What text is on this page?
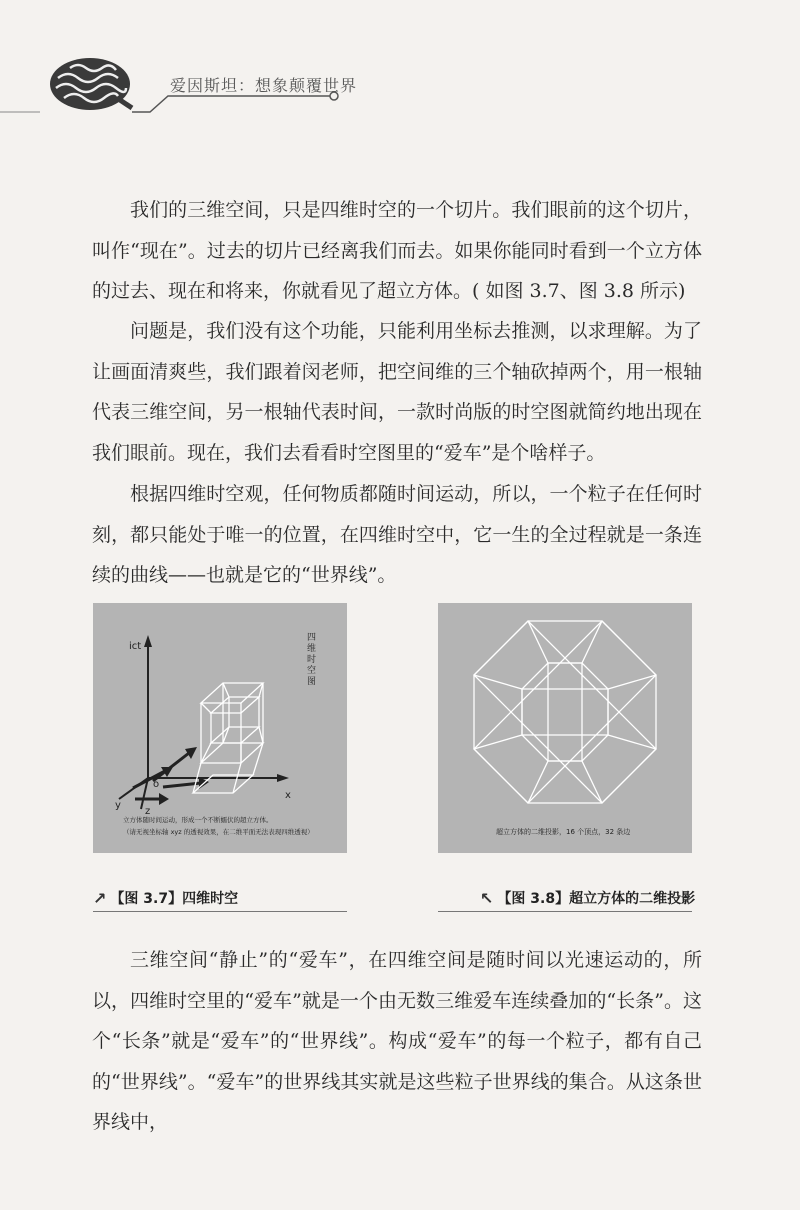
爱因斯坦：想象颠覆世界

我们的三维空间，只是四维时空的一个切片。我们眼前的这个切片，叫作“现在”。过去的切片已经离我们而去。如果你能同时看到一个立方体的过去、现在和将来，你就看见了超立方体。( 如图 3.7、图 3.8 所示)

问题是，我们没有这个功能，只能利用坐标去推测，以求理解。为了让画面清爽些，我们跟着闵老师，把空间维的三个轴砍掉两个，用一根轴代表三维空间，另一根轴代表时间，一款时尚版的时空图就简约地出现在我们眼前。现在，我们去看看时空图里的“爱车”是个啥样子。

根据四维时空观，任何物质都随时间运动，所以，一个粒子在任何时刻，都只能处于唯一的位置，在四维时空中，它一生的全过程就是一条连续的曲线——也就是它的“世界线”。

ict
x
y
z
o
四维时空图
立方体随时间运动，形成一个不断蠕伏的超立方体。
（请无视坐标轴 xyz 的透视效果，在二维平面无法表现四维透视）	超立方体的二维投影，16 个顶点，32 条边
↗ 【图 3.7】四维时空	↖ 【图 3.8】超立方体的二维投影

三维空间“静止”的“爱车”，在四维空间是随时间以光速运动的，所以，四维时空里的“爱车”就是一个由无数三维爱车连续叠加的“长条”。这个“长条”就是“爱车”的“世界线”。构成“爱车”的每一个粒子，都有自己的“世界线”。“爱车”的世界线其实就是这些粒子世界线的集合。从这条世界线中，
